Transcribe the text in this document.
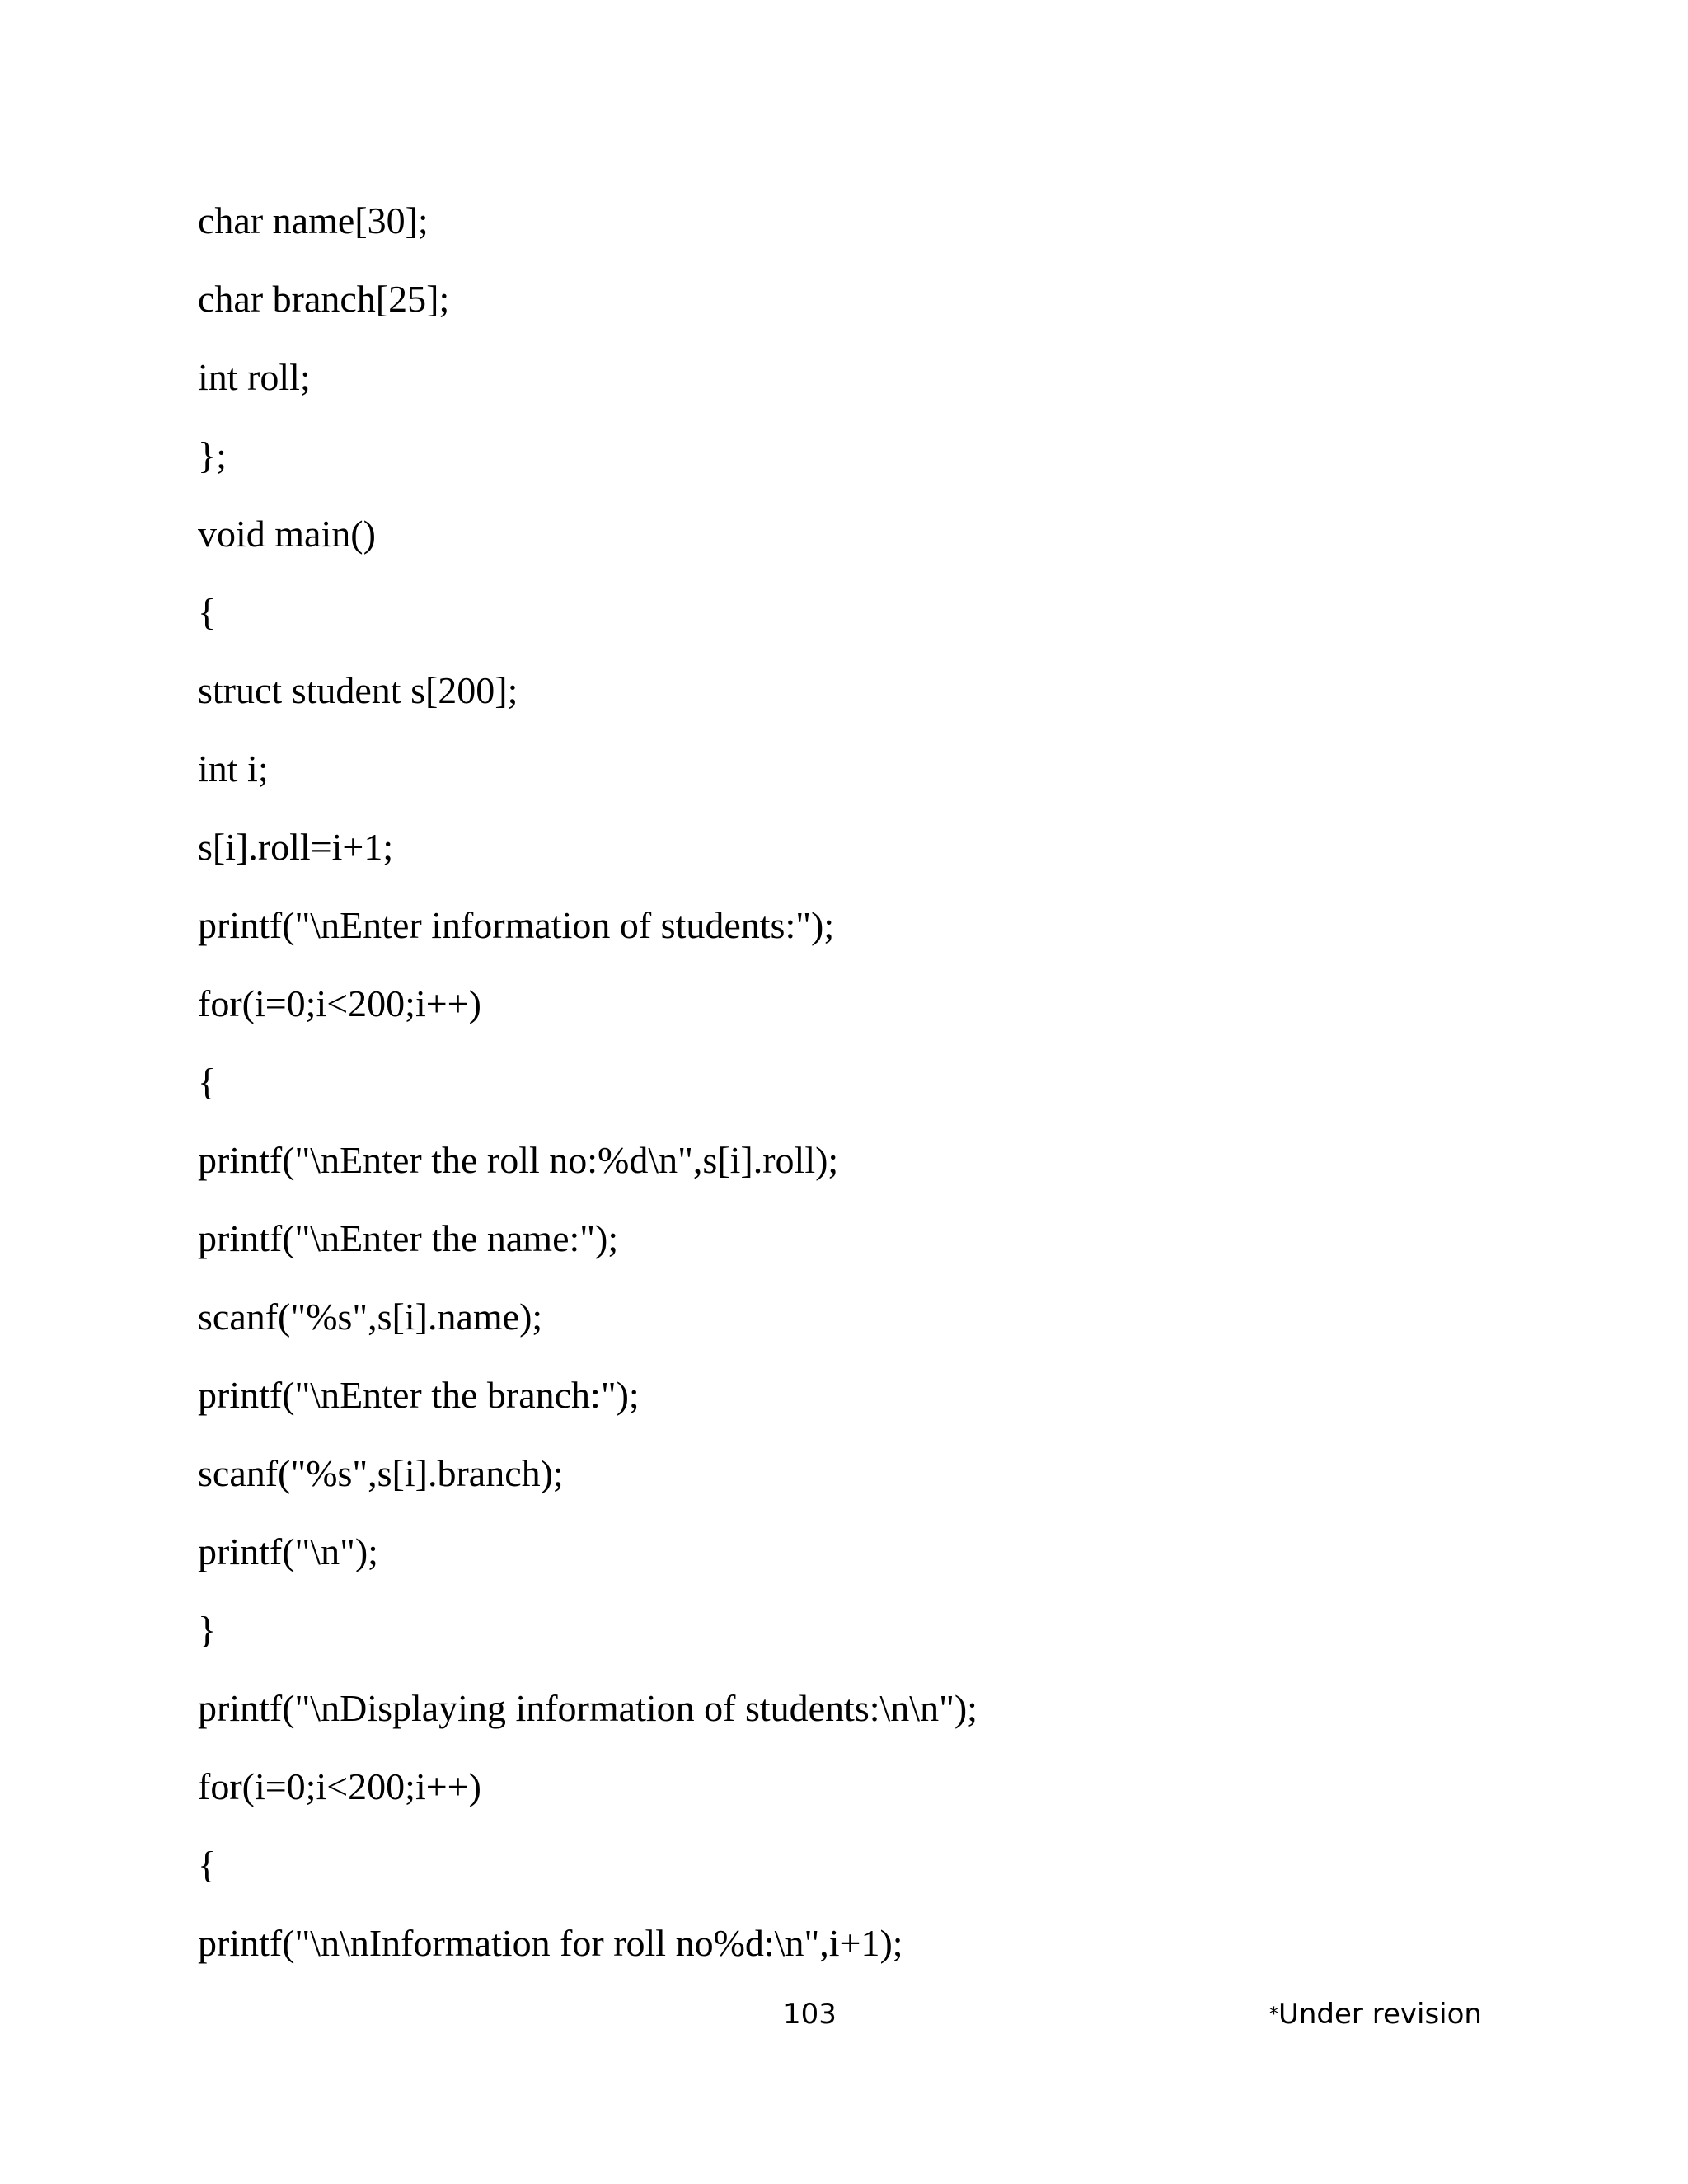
char name[30];
char branch[25];
int roll;
};
void main()
{
struct student s[200];
int i;
s[i].roll=i+1;
printf("\nEnter information of students:");
for(i=0;i<200;i++)
{
printf("\nEnter the roll no:%d\n",s[i].roll);
printf("\nEnter the name:");
scanf("%s",s[i].name);
printf("\nEnter the branch:");
scanf("%s",s[i].branch);
printf("\n");
}
printf("\nDisplaying information of students:\n\n");
for(i=0;i<200;i++)
{
printf("\n\nInformation for roll no%d:\n",i+1);
103	*Under revision
